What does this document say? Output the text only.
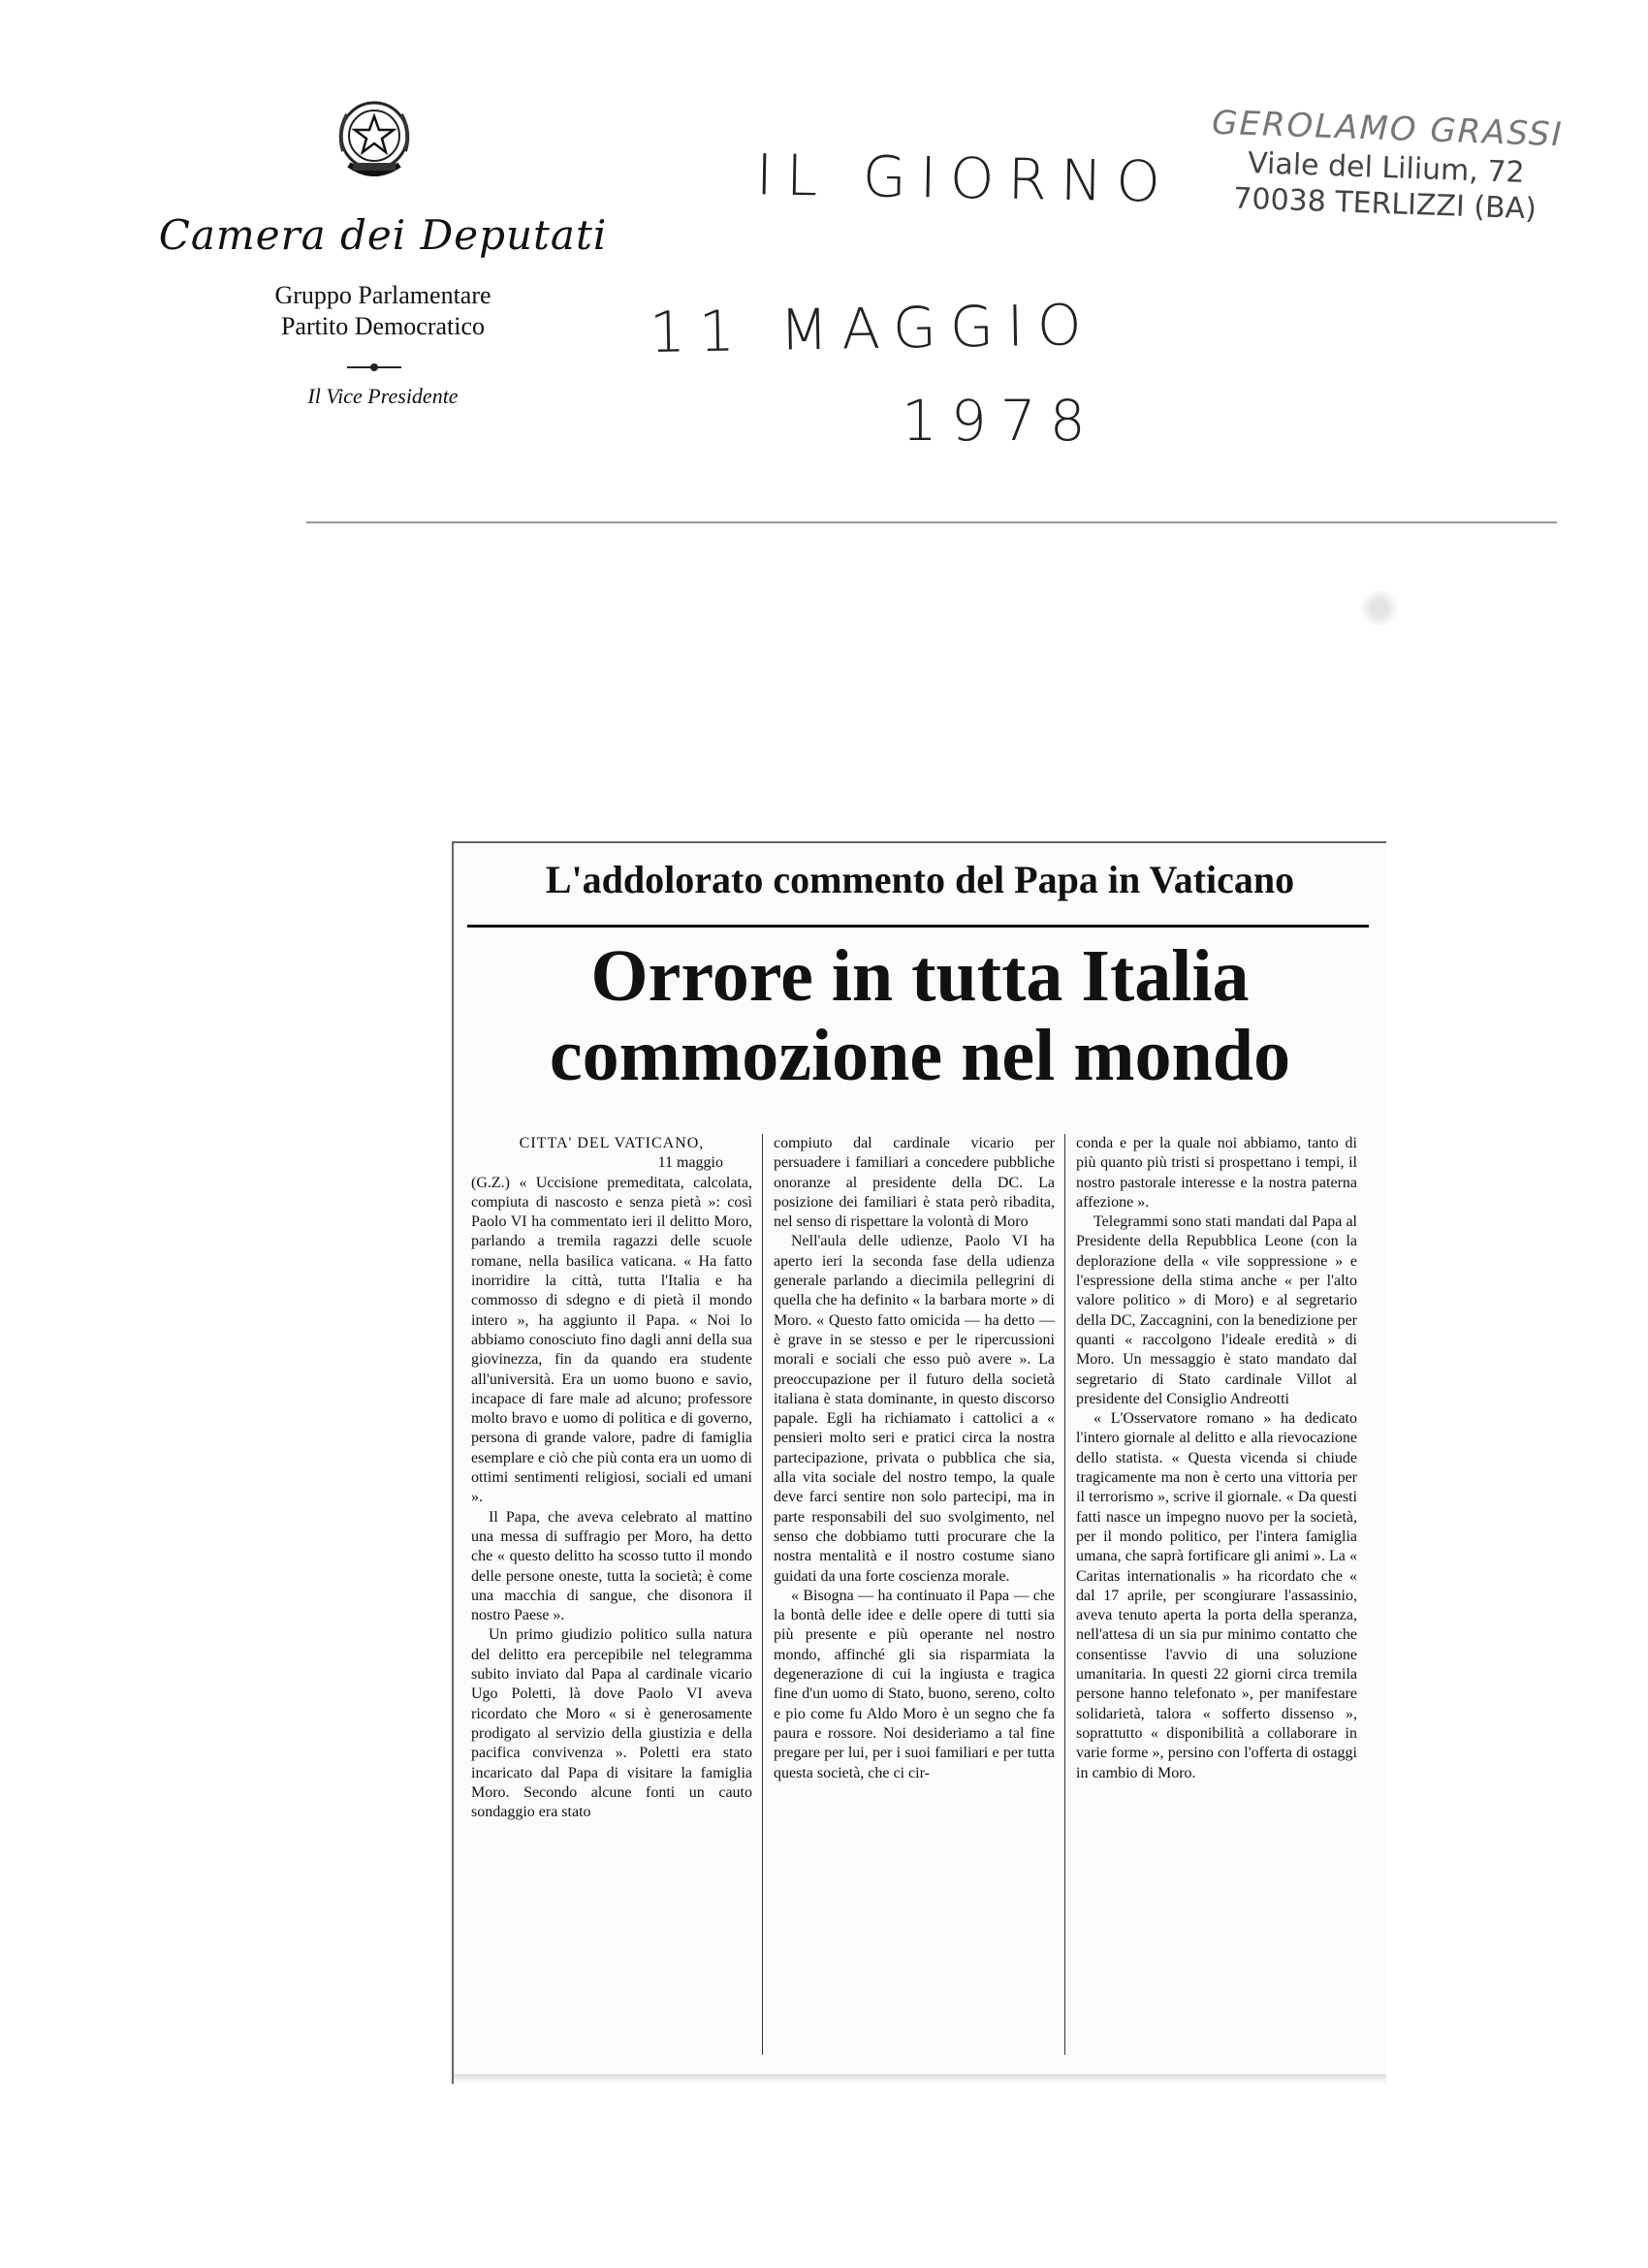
Camera dei Deputati
Gruppo Parlamentare
Partito Democratico
Il Vice Presidente
IL GIORNO
11 MAGGIO
1978
GEROLAMO GRASSI
Viale del Lilium, 72
70038 TERLIZZI (BA)
L'addolorato commento del Papa in Vaticano
Orrore in tutta Italia
commozione nel mondo

CITTA' DEL VATICANO,

11 maggio

(G.Z.) « Uccisione premeditata, calcolata, compiuta di nascosto e senza pietà »: così Paolo VI ha commentato ieri il delitto Moro, parlando a tremila ragazzi delle scuole romane, nella basilica vaticana. « Ha fatto inorridire la città, tutta l'Italia e ha commosso di sdegno e di pietà il mondo intero », ha aggiunto il Papa. « Noi lo abbiamo conosciuto fino dagli anni della sua giovinezza, fin da quando era studente all'università. Era un uomo buono e savio, incapace di fare male ad alcuno; professore molto bravo e uomo di politica e di governo, persona di grande valore, padre di famiglia esemplare e ciò che più conta era un uomo di ottimi sentimenti religiosi, sociali ed umani ».

Il Papa, che aveva celebrato al mattino una messa di suffragio per Moro, ha detto che « questo delitto ha scosso tutto il mondo delle persone oneste, tutta la società; è come una macchia di sangue, che disonora il nostro Paese ».

Un primo giudizio politico sulla natura del delitto era percepibile nel telegramma subito inviato dal Papa al cardinale vicario Ugo Poletti, là dove Paolo VI aveva ricordato che Moro « si è generosamente prodigato al servizio della giustizia e della pacifica convivenza ». Poletti era stato incaricato dal Papa di visitare la famiglia Moro. Secondo alcune fonti un cauto sondaggio era stato

compiuto dal cardinale vicario per persuadere i familiari a concedere pubbliche onoranze al presidente della DC. La posizione dei familiari è stata però ribadita, nel senso di rispettare la volontà di Moro

Nell'aula delle udienze, Paolo VI ha aperto ieri la seconda fase della udienza generale parlando a diecimila pellegrini di quella che ha definito « la barbara morte » di Moro. « Questo fatto omicida — ha detto — è grave in se stesso e per le ripercussioni morali e sociali che esso può avere ». La preoccupazione per il futuro della società italiana è stata dominante, in questo discorso papale. Egli ha richiamato i cattolici a « pensieri molto seri e pratici circa la nostra partecipazione, privata o pubblica che sia, alla vita sociale del nostro tempo, la quale deve farci sentire non solo partecipi, ma in parte responsabili del suo svolgimento, nel senso che dobbiamo tutti procurare che la nostra mentalità e il nostro costume siano guidati da una forte coscienza morale.

« Bisogna — ha continuato il Papa — che la bontà delle idee e delle opere di tutti sia più presente e più operante nel nostro mondo, affinché gli sia risparmiata la degenerazione di cui la ingiusta e tragica fine d'un uomo di Stato, buono, sereno, colto e pio come fu Aldo Moro è un segno che fa paura e rossore. Noi desideriamo a tal fine pregare per lui, per i suoi familiari e per tutta questa società, che ci cir-

conda e per la quale noi abbiamo, tanto di più quanto più tristi si prospettano i tempi, il nostro pastorale interesse e la nostra paterna affezione ».

Telegrammi sono stati mandati dal Papa al Presidente della Repubblica Leone (con la deplorazione della « vile soppressione » e l'espressione della stima anche « per l'alto valore politico » di Moro) e al segretario della DC, Zaccagnini, con la benedizione per quanti « raccolgono l'ideale eredità » di Moro. Un messaggio è stato mandato dal segretario di Stato cardinale Villot al presidente del Consiglio Andreotti

« L'Osservatore romano » ha dedicato l'intero giornale al delitto e alla rievocazione dello statista. « Questa vicenda si chiude tragicamente ma non è certo una vittoria per il terrorismo », scrive il giornale. « Da questi fatti nasce un impegno nuovo per la società, per il mondo politico, per l'intera famiglia umana, che saprà fortificare gli animi ». La « Caritas internationalis » ha ricordato che « dal 17 aprile, per scongiurare l'assassinio, aveva tenuto aperta la porta della speranza, nell'attesa di un sia pur minimo contatto che consentisse l'avvio di una soluzione umanitaria. In questi 22 giorni circa tremila persone hanno telefonato », per manifestare solidarietà, talora « sofferto dissenso », soprattutto « disponibilità a collaborare in varie forme », persino con l'offerta di ostaggi in cambio di Moro.
